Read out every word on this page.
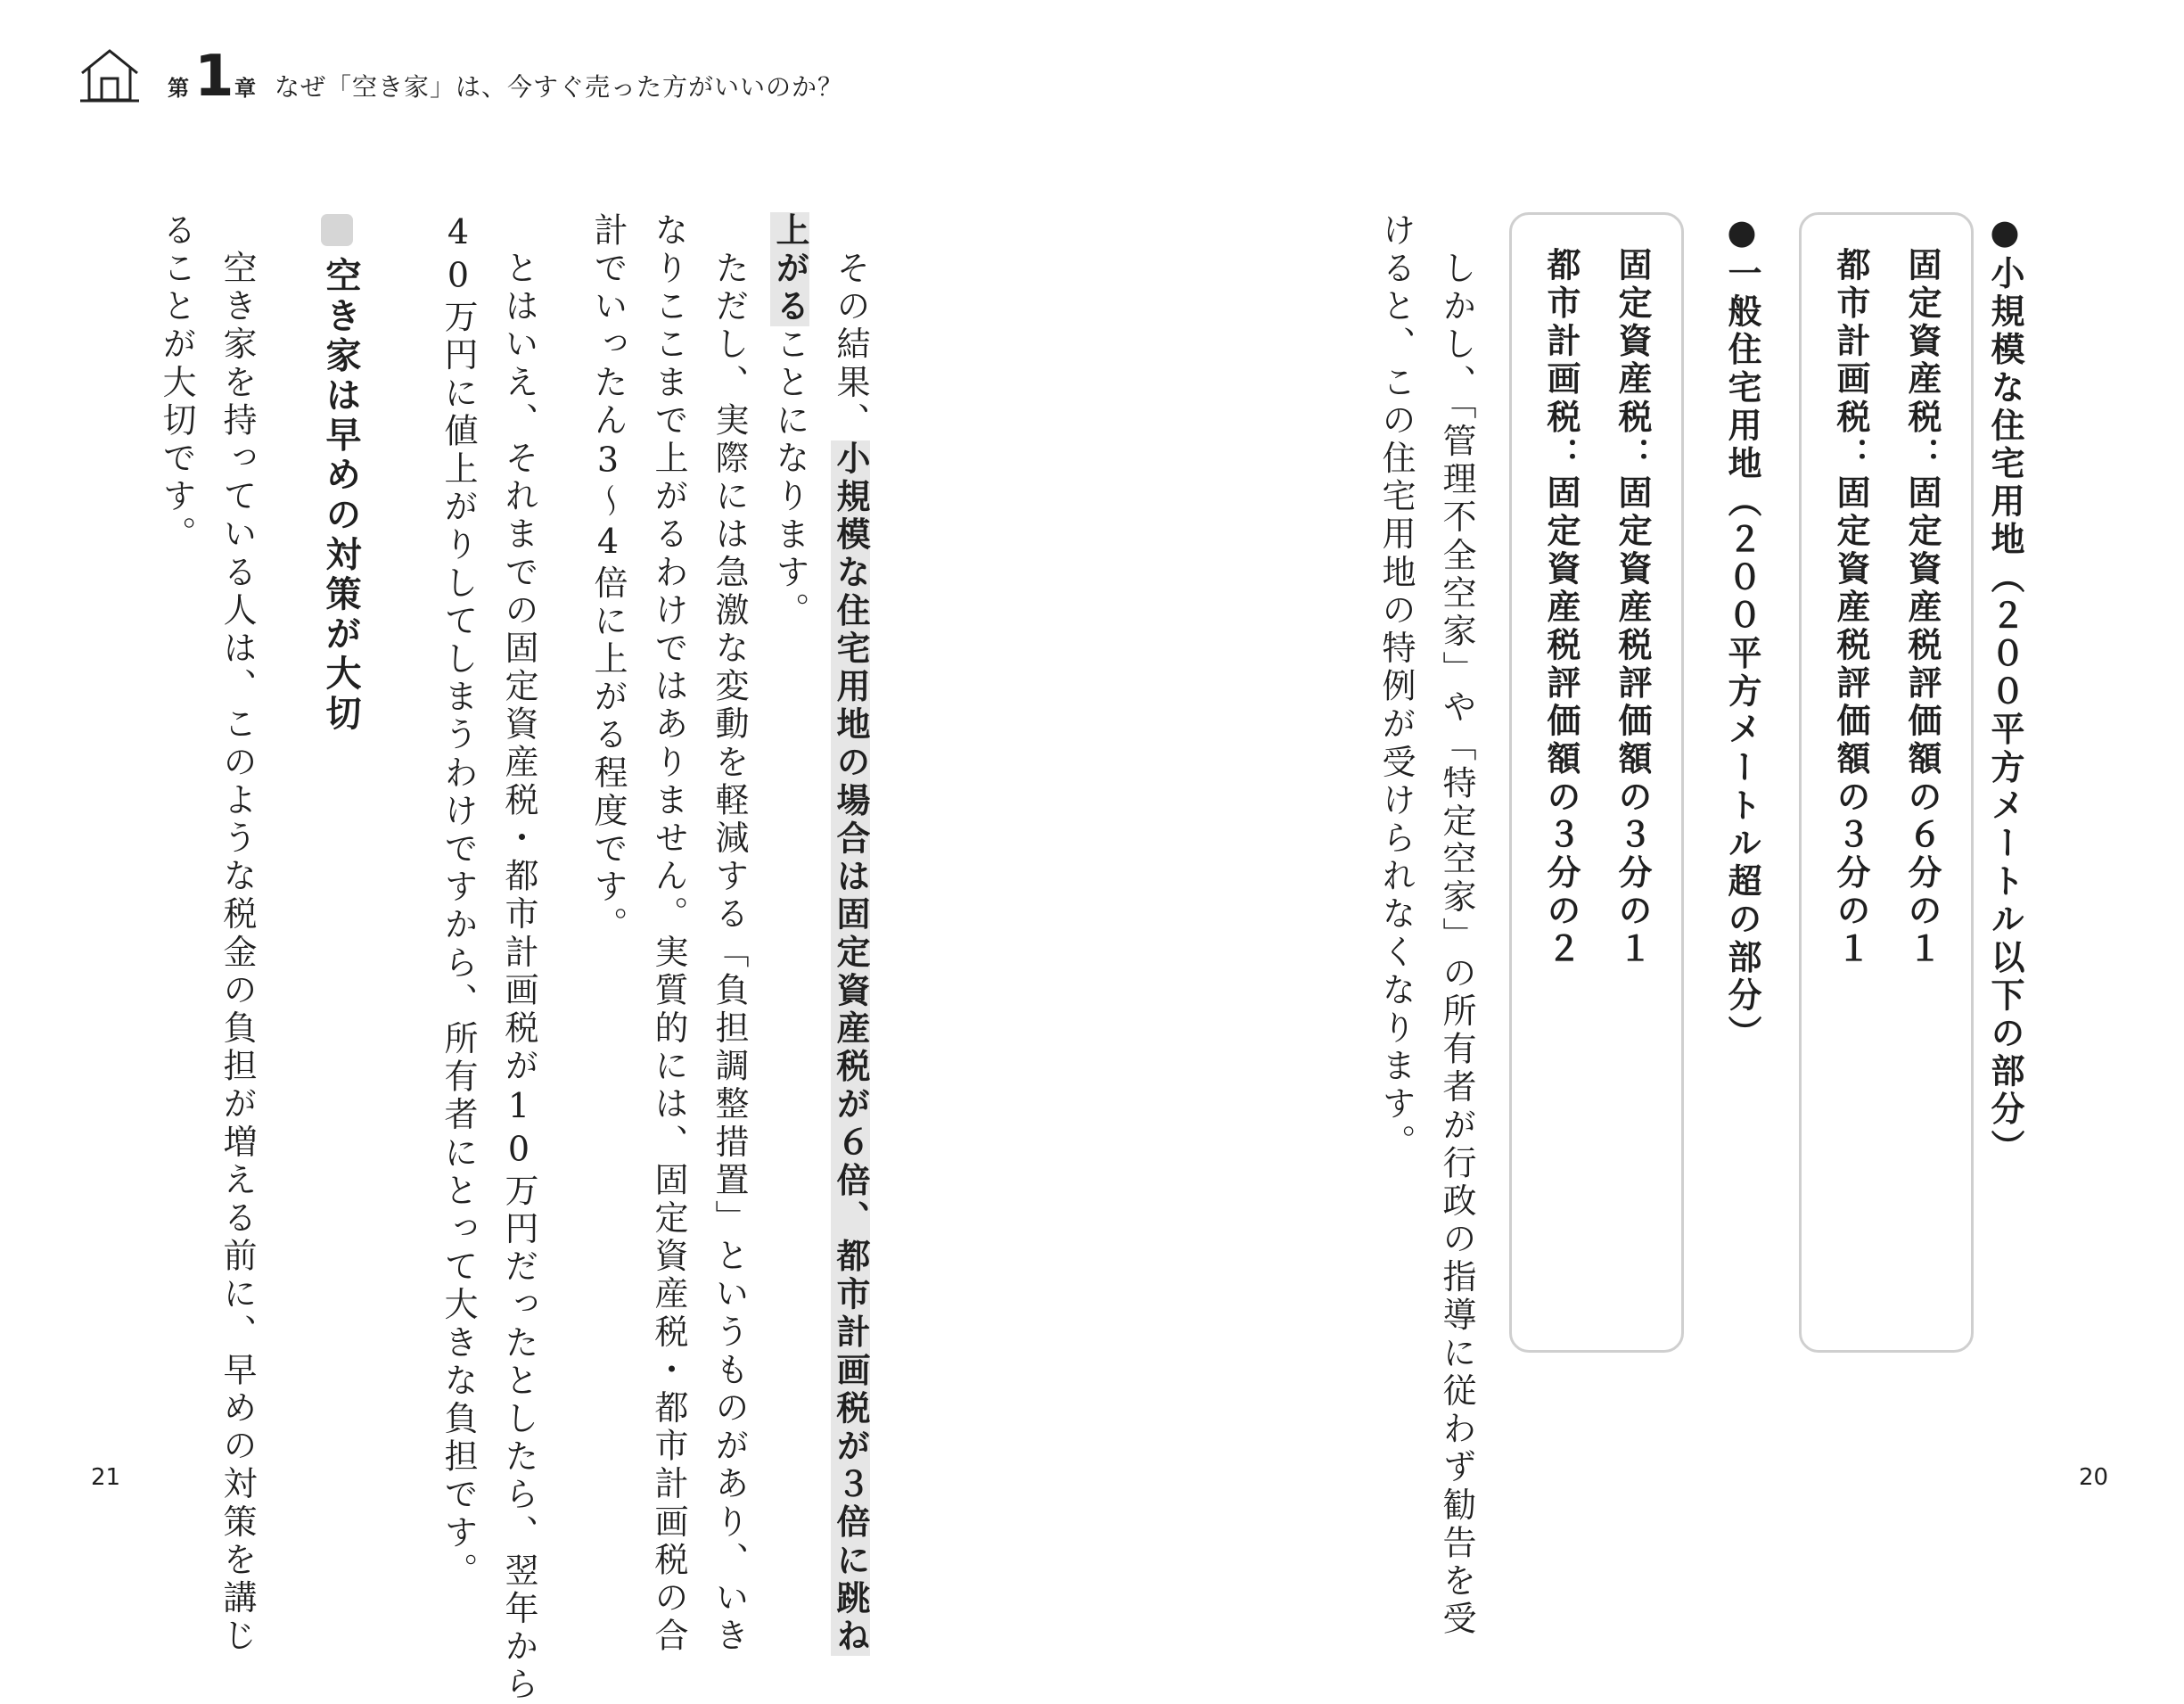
第 1 章 なぜ「空き家」は、今すぐ売った方がいいのか？
●小規模な住宅用地（２００平方メートル以下の部分）
固定資産税：固定資産税評価額の６分の１
都市計画税：固定資産税評価額の３分の１
●一般住宅用地（２００平方メートル超の部分）
固定資産税：固定資産税評価額の３分の１
都市計画税：固定資産税評価額の３分の２
　しかし、「管理不全空家」や「特定空家」の所有者が行政の指導に従わず勧告を受
けると、この住宅用地の特例が受けられなくなります。
　その結果、小規模な住宅用地の場合は固定資産税が６倍、都市計画税が３倍に跳ね
上がることになります。
　ただし、実際には急激な変動を軽減する「負担調整措置」というものがあり、いき
なりここまで上がるわけではありません。実質的には、固定資産税・都市計画税の合
計でいったん3～4倍に上がる程度です。
　とはいえ、それまでの固定資産税・都市計画税が10万円だったとしたら、翌年から
40万円に値上がりしてしまうわけですから、所有者にとって大きな負担です。
空き家は早めの対策が大切
　空き家を持っている人は、このような税金の負担が増える前に、早めの対策を講じ
ることが大切です。
21	20
